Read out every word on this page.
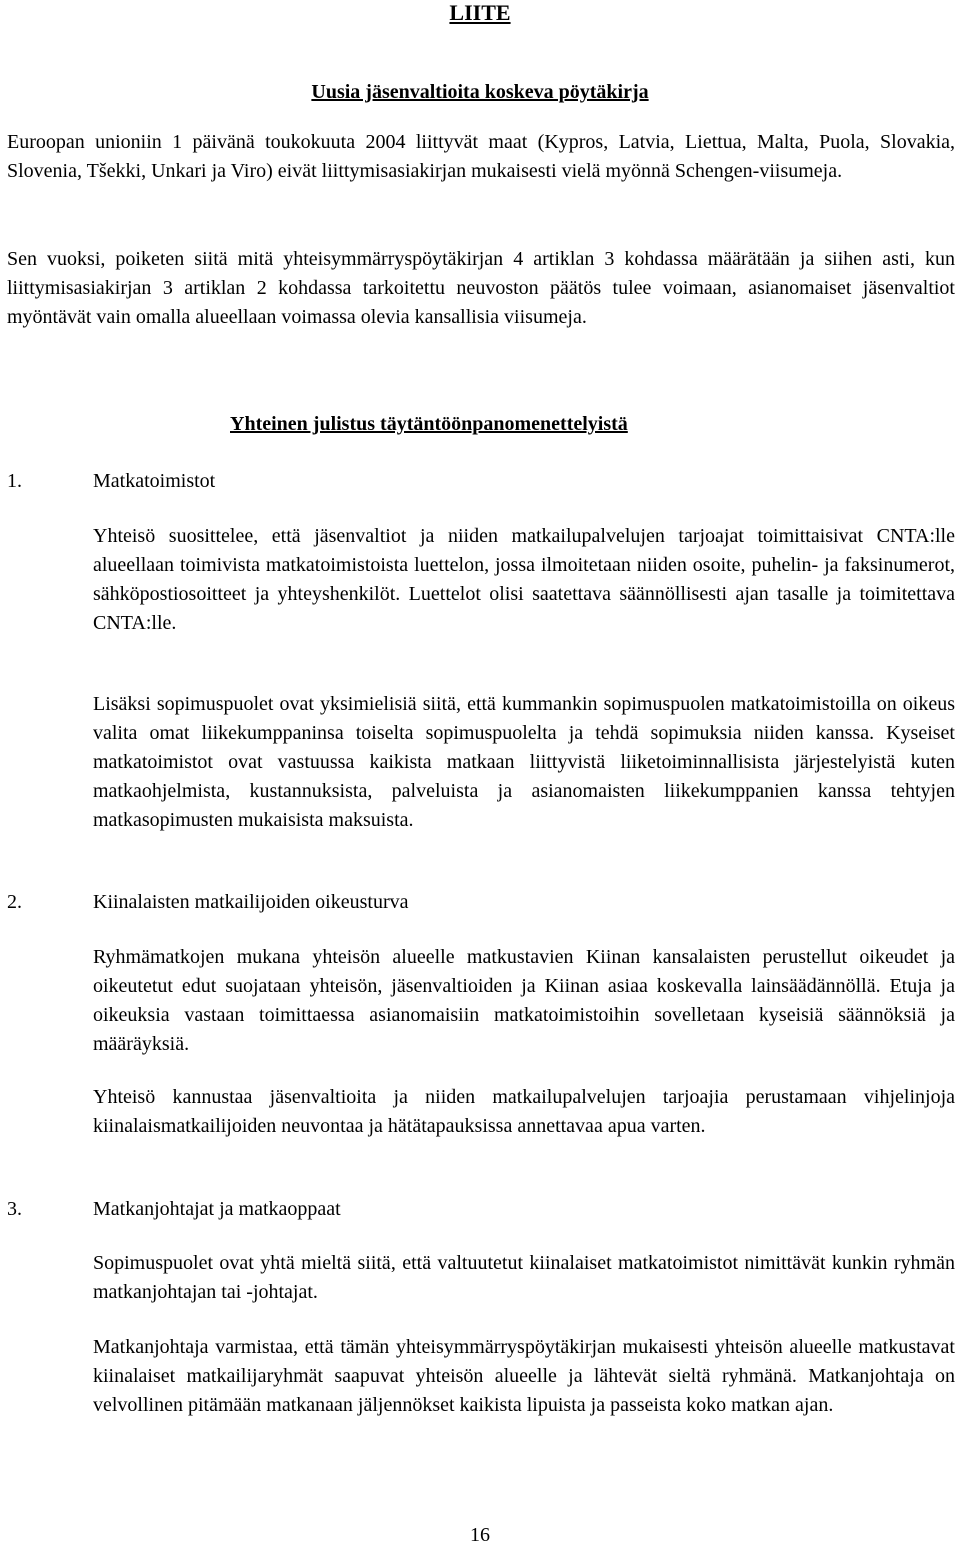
LIITE
Uusia jäsenvaltioita koskeva pöytäkirja
Euroopan unioniin 1 päivänä toukokuuta 2004 liittyvät maat (Kypros, Latvia, Liettua, Malta, Puola, Slovakia, Slovenia, Tšekki, Unkari ja Viro) eivät liittymisasiakirjan mukaisesti vielä myönnä Schengen-viisumeja.
Sen vuoksi, poiketen siitä mitä yhteisymmärryspöytäkirjan 4 artiklan 3 kohdassa määrätään ja siihen asti, kun liittymisasiakirjan 3 artiklan 2 kohdassa tarkoitettu neuvoston päätös tulee voimaan, asianomaiset jäsenvaltiot myöntävät vain omalla alueellaan voimassa olevia kansallisia viisumeja.
Yhteinen julistus täytäntöönpanomenettelyistä
1.	Matkatoimistot
Yhteisö suosittelee, että jäsenvaltiot ja niiden matkailupalvelujen tarjoajat toimittaisivat CNTA:lle alueellaan toimivista matkatoimistoista luettelon, jossa ilmoitetaan niiden osoite, puhelin- ja faksinumerot, sähköpostiosoitteet ja yhteyshenkilöt. Luettelot olisi saatettava säännöllisesti ajan tasalle ja toimitettava CNTA:lle.
Lisäksi sopimuspuolet ovat yksimielisiä siitä, että kummankin sopimuspuolen matkatoimistoilla on oikeus valita omat liikekumppaninsa toiselta sopimuspuolelta ja tehdä sopimuksia niiden kanssa. Kyseiset matkatoimistot ovat vastuussa kaikista matkaan liittyvistä liiketoiminnallisista järjestelyistä kuten matkaohjelmista, kustannuksista, palveluista ja asianomaisten liikekumppanien kanssa tehtyjen matkasopimusten mukaisista maksuista.
2.	Kiinalaisten matkailijoiden oikeusturva
Ryhmämatkojen mukana yhteisön alueelle matkustavien Kiinan kansalaisten perustellut oikeudet ja oikeutetut edut suojataan yhteisön, jäsenvaltioiden ja Kiinan asiaa koskevalla lainsäädännöllä. Etuja ja oikeuksia vastaan toimittaessa asianomaisiin matkatoimistoihin sovelletaan kyseisiä säännöksiä ja määräyksiä.
Yhteisö kannustaa jäsenvaltioita ja niiden matkailupalvelujen tarjoajia perustamaan vihjelinjoja kiinalaismatkailijoiden neuvontaa ja hätätapauksissa annettavaa apua varten.
3.	Matkanjohtajat ja matkaoppaat
Sopimuspuolet ovat yhtä mieltä siitä, että valtuutetut kiinalaiset matkatoimistot nimittävät kunkin ryhmän matkanjohtajan tai -johtajat.
Matkanjohtaja varmistaa, että tämän yhteisymmärryspöytäkirjan mukaisesti yhteisön alueelle matkustavat kiinalaiset matkailijaryhmät saapuvat yhteisön alueelle ja lähtevät sieltä ryhmänä. Matkanjohtaja on velvollinen pitämään matkanaan jäljennökset kaikista lipuista ja passeista koko matkan ajan.
16
